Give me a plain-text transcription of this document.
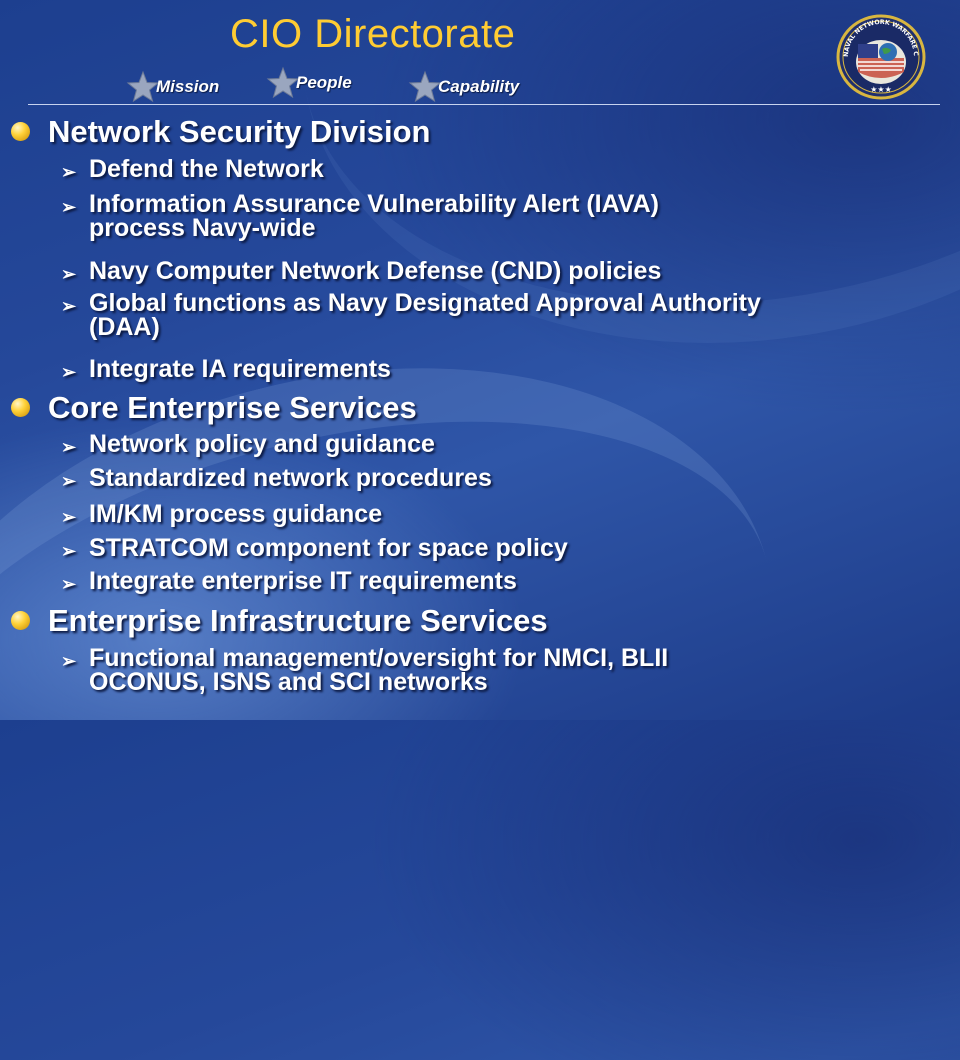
CIO Directorate
Mission	People	Capability
NAVAL NETWORK WARFARE C
★★★
Network Security Division
➢ Defend the Network
➢ Information Assurance Vulnerability Alert (IAVA)
process Navy-wide
➢ Navy Computer Network Defense (CND) policies
➢ Global functions as Navy Designated Approval Authority
(DAA)
➢ Integrate IA requirements
Core Enterprise Services
➢ Network policy and guidance
➢ Standardized network procedures
➢ IM/KM process guidance
➢ STRATCOM component for space policy
➢ Integrate enterprise IT requirements
Enterprise Infrastructure Services
➢ Functional management/oversight for NMCI, BLII
OCONUS, ISNS and SCI networks
